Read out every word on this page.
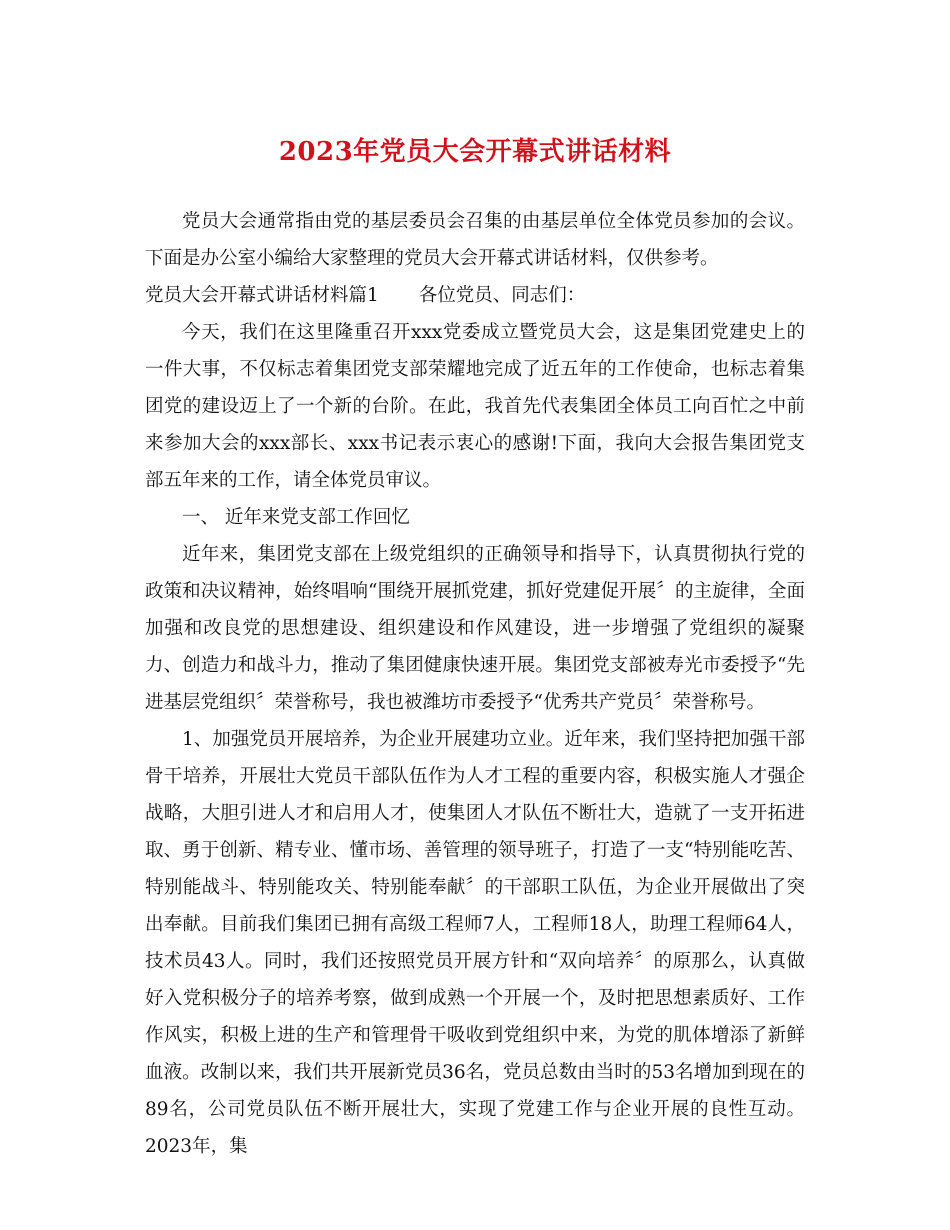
2023年党员大会开幕式讲话材料

党员大会通常指由党的基层委员会召集的由基层单位全体党员参加的会议。下面是办公室小编给大家整理的党员大会开幕式讲话材料，仅供参考。

党员大会开幕式讲话材料篇1 各位党员、同志们：

今天，我们在这里隆重召开xxx党委成立暨党员大会，这是集团党建史上的一件大事，不仅标志着集团党支部荣耀地完成了近五年的工作使命，也标志着集团党的建设迈上了一个新的台阶。在此，我首先代表集团全体员工向百忙之中前来参加大会的xxx部长、xxx书记表示衷心的感谢!下面，我向大会报告集团党支部五年来的工作，请全体党员审议。

一、 近年来党支部工作回忆

近年来，集团党支部在上级党组织的正确领导和指导下，认真贯彻执行党的政策和决议精神，始终唱响“围绕开展抓党建，抓好党建促开展〞的主旋律，全面加强和改良党的思想建设、组织建设和作风建设，进一步增强了党组织的凝聚力、创造力和战斗力，推动了集团健康快速开展。集团党支部被寿光市委授予“先进基层党组织〞荣誉称号，我也被潍坊市委授予“优秀共产党员〞荣誉称号。

1、加强党员开展培养，为企业开展建功立业。近年来，我们坚持把加强干部骨干培养，开展壮大党员干部队伍作为人才工程的重要内容，积极实施人才强企战略，大胆引进人才和启用人才，使集团人才队伍不断壮大，造就了一支开拓进取、勇于创新、精专业、懂市场、善管理的领导班子，打造了一支“特别能吃苦、特别能战斗、特别能攻关、特别能奉献〞的干部职工队伍，为企业开展做出了突出奉献。目前我们集团已拥有高级工程师7人，工程师18人，助理工程师64人，技术员43人。同时，我们还按照党员开展方针和“双向培养〞的原那么，认真做好入党积极分子的培养考察，做到成熟一个开展一个，及时把思想素质好、工作作风实，积极上进的生产和管理骨干吸收到党组织中来，为党的肌体增添了新鲜血液。改制以来，我们共开展新党员36名，党员总数由当时的53名增加到现在的89名，公司党员队伍不断开展壮大，实现了党建工作与企业开展的良性互动。2023年，集
